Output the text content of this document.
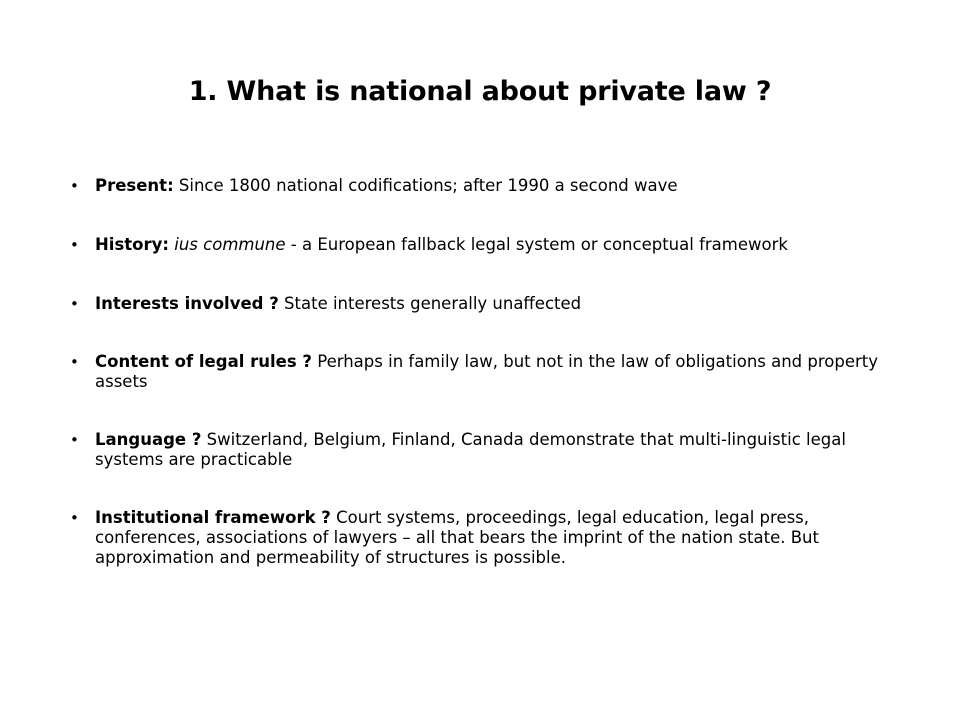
1. What is national about private law ?
• Present: Since 1800 national codifications; after 1990 a second wave
• History: ius commune - a European fallback legal system or conceptual framework
• Interests involved ? State interests generally unaffected
• Content of legal rules ? Perhaps in family law, but not in the law of obligations and property assets
• Language ? Switzerland, Belgium, Finland, Canada demonstrate that multi-linguistic legal systems are practicable
• Institutional framework ? Court systems, proceedings, legal education, legal press, conferences, associations of lawyers – all that bears the imprint of the nation state. But approximation and permeability of structures is possible.
